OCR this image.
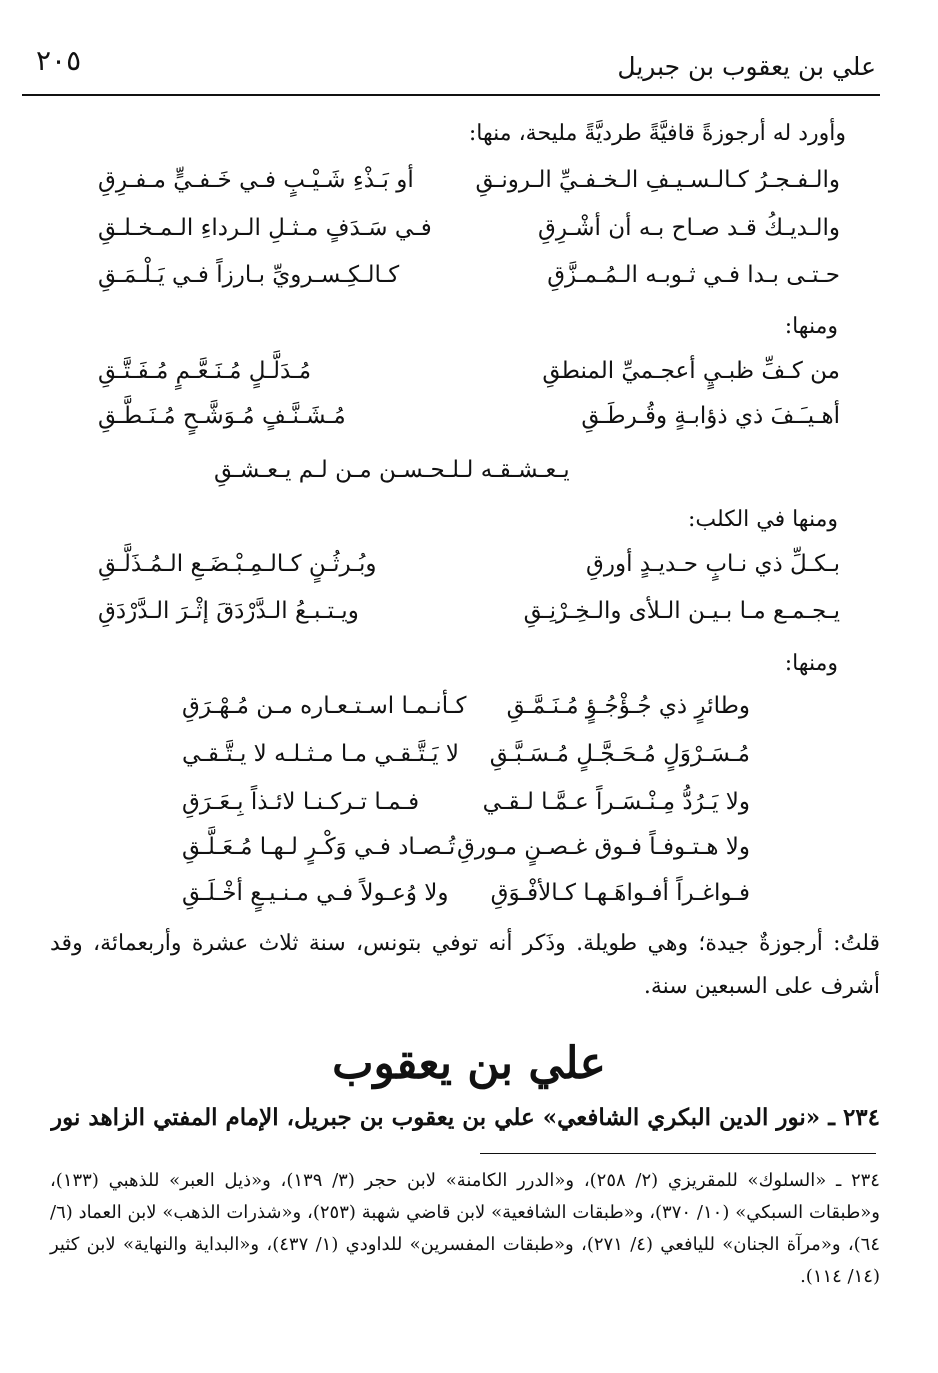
٢٠٥	علي بن يعقوب بن جبريل
وأورد له أرجوزةً قافيَّةً طرديَّةً مليحة، منها:
والـفـجـرُ كـالـسـيـفِ الـخـفـيِّ الـرونـقِ
أو بَـذْءِ شَـيْـبٍ فـي خَـفـيٍّ مـفـرِقِ
والـديـكُ قـد صـاح بـه أن أشْـرِقِ
فـي سَـدَفٍ مـثـلِ الـرداءِ الـمـخـلـقِ
حـتـى بـدا فـي ثـوبـه الـمُـمـزَّقِ
كـالـكِـسـرويِّ بـارزاً فـي يَـلْـمَـقِ
ومنها:
من كـفِّ ظبـيٍ أعجـميِّ المنطقِ
مُـدَلَّـلٍ مُـنَـعَّـمٍ مُـفَـتَّـقِ
أهـيـَـفَ ذي ذؤابـةٍ وقُـرطَـقِ
مُـشَـنَّـفٍ مُـوَشَّـحٍ مُـنَـطَّـقِ
يـعـشـقـه لـلـحـسـن مـن لـم يـعـشـقِ
ومنها في الكلب:
بـكـلِّ ذي نـابٍ حـديـدٍ أورقِ
وبُـرثُـنٍ كـالـمِـبْـضَـعِ الـمُـذَلَّـقِ
يـجـمـع مـا بـيـن الـلأى والـخِـرْنِـقِ
ويـتـبـعُ الـدَّرْدَقَ إثْـرَ الـدَّرْدَقِ
ومنها:
وطائرٍ ذي جُـؤْجُـؤٍ مُـنَـمَّـقِ
كـأنـمـا اسـتـعـاره مـن مُـهْـرَقِ
مُـسَـرْوَلٍ مُـحَـجَّـلٍ مُـسَـبَّـقِ
لا يَـتَّـقـي مـا مـثـلـه لا يـتَّـقـي
ولا يَـرُدُّ مِـنْـسَـراً عـمَّـا لـقـي
فـمـا تـركـنـا لائـذاً بِـعَـرَقِ
ولا هـتـوفـاً فـوق غـصـنٍ مـورقِ
تُـصـاد فـي وَكْـرٍ لـهـا مُـعَـلَّـقِ
فـواغـراً أفـواهَـهـا كـالأفْـوَقِ
ولا وُعـولاً فـي مـنـيـعٍ أخْـلَـقِ
قلتُ: أرجوزةٌ جيدة؛ وهي طويلة. وذَكر أنه توفي بتونس، سنة ثلاث عشرة وأربعمائة، وقد أشرف على السبعين سنة.
علي بن يعقوب
٢٣٤ ـ «نور الدين البكري الشافعي» علي بن يعقوب بن جبريل، الإمام المفتي الزاهد نور
٢٣٤ ـ «السلوك» للمقريزي (٢/ ٢٥٨)، و«الدرر الكامنة» لابن حجر (٣/ ١٣٩)، و«ذيل العبر» للذهبي (١٣٣)، و«طبقات السبكي» (١٠/ ٣٧٠)، و«طبقات الشافعية» لابن قاضي شهبة (٢٥٣)، و«شذرات الذهب» لابن العماد (٦/ ٦٤)، و«مرآة الجنان» لليافعي (٤/ ٢٧١)، و«طبقات المفسرين» للداودي (١/ ٤٣٧)، و«البداية والنهاية» لابن كثير (١٤/ ١١٤).
